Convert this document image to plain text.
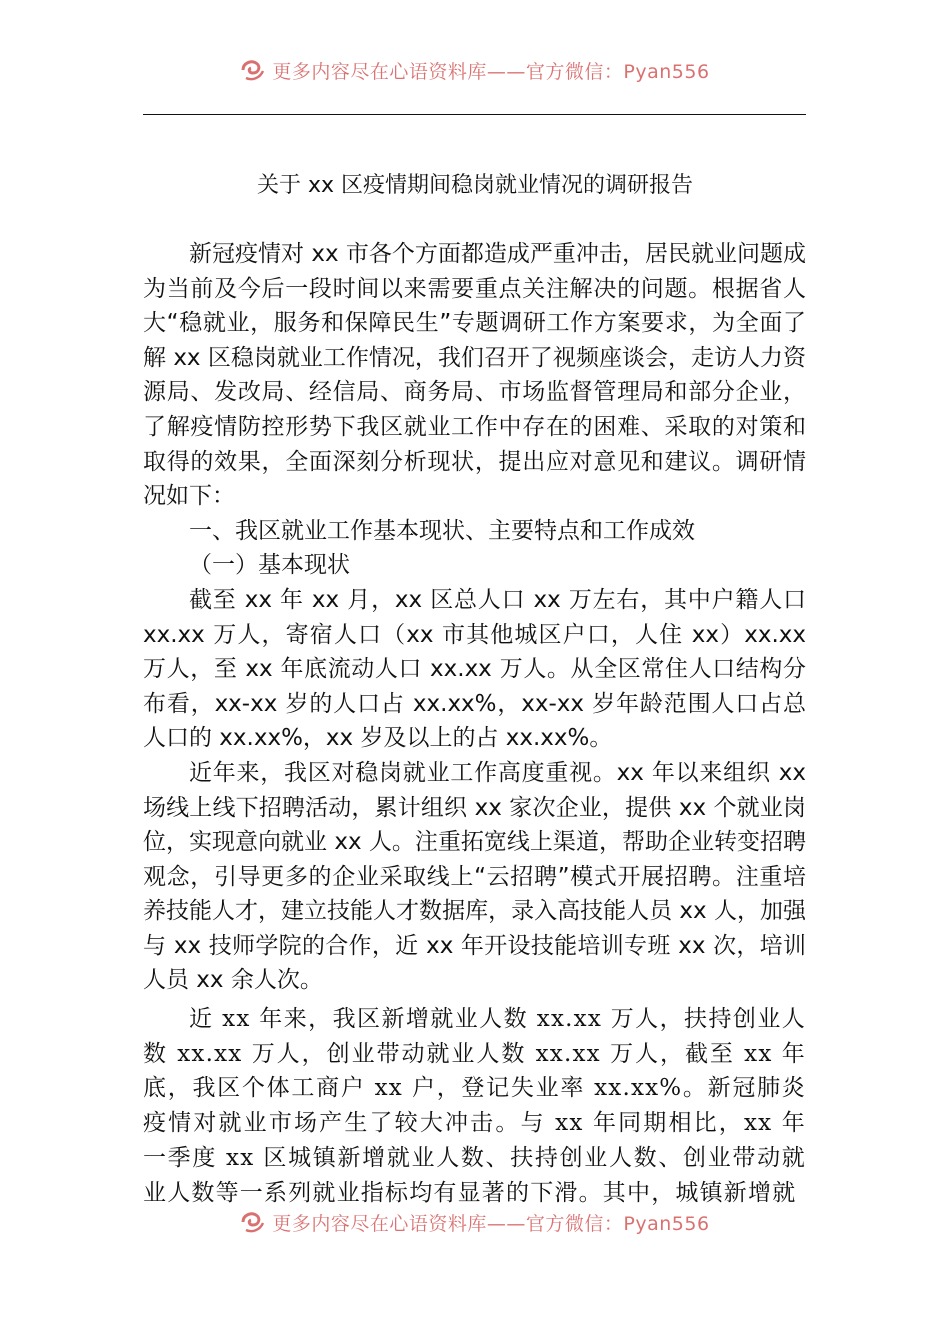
更多内容尽在心语资料库——官方微信：Pyan556
关于 xx 区疫情期间稳岗就业情况的调研报告

新冠疫情对 xx 市各个方面都造成严重冲击，居民就业问题成为当前及今后一段时间以来需要重点关注解决的问题。根据省人大“稳就业，服务和保障民生”专题调研工作方案要求，为全面了解 xx 区稳岗就业工作情况，我们召开了视频座谈会，走访人力资源局、发改局、经信局、商务局、市场监督管理局和部分企业，了解疫情防控形势下我区就业工作中存在的困难、采取的对策和取得的效果，全面深刻分析现状，提出应对意见和建议。调研情况如下：

一、我区就业工作基本现状、主要特点和工作成效

（一）基本现状

截至 xx 年 xx 月，xx 区总人口 xx 万左右，其中户籍人口 xx.xx 万人，寄宿人口（xx 市其他城区户口，人住 xx）xx.xx 万人，至 xx 年底流动人口 xx.xx 万人。从全区常住人口结构分布看，xx-xx 岁的人口占 xx.xx%，xx-xx 岁年龄范围人口占总人口的 xx.xx%，xx 岁及以上的占 xx.xx%。

近年来，我区对稳岗就业工作高度重视。xx 年以来组织 xx 场线上线下招聘活动，累计组织 xx 家次企业，提供 xx 个就业岗位，实现意向就业 xx 人。注重拓宽线上渠道，帮助企业转变招聘观念，引导更多的企业采取线上“云招聘”模式开展招聘。注重培养技能人才，建立技能人才数据库，录入高技能人员 xx 人，加强与 xx 技师学院的合作，近 xx 年开设技能培训专班 xx 次，培训人员 xx 余人次。

近 xx 年来，我区新增就业人数 xx.xx 万人，扶持创业人数 xx.xx 万人，创业带动就业人数 xx.xx 万人，截至 xx 年底，我区个体工商户 xx 户，登记失业率 xx.xx%。新冠肺炎疫情对就业市场产生了较大冲击。与 xx 年同期相比，xx 年一季度 xx 区城镇新增就业人数、扶持创业人数、创业带动就业人数等一系列就业指标均有显著的下滑。其中，城镇新增就

更多内容尽在心语资料库——官方微信：Pyan556
